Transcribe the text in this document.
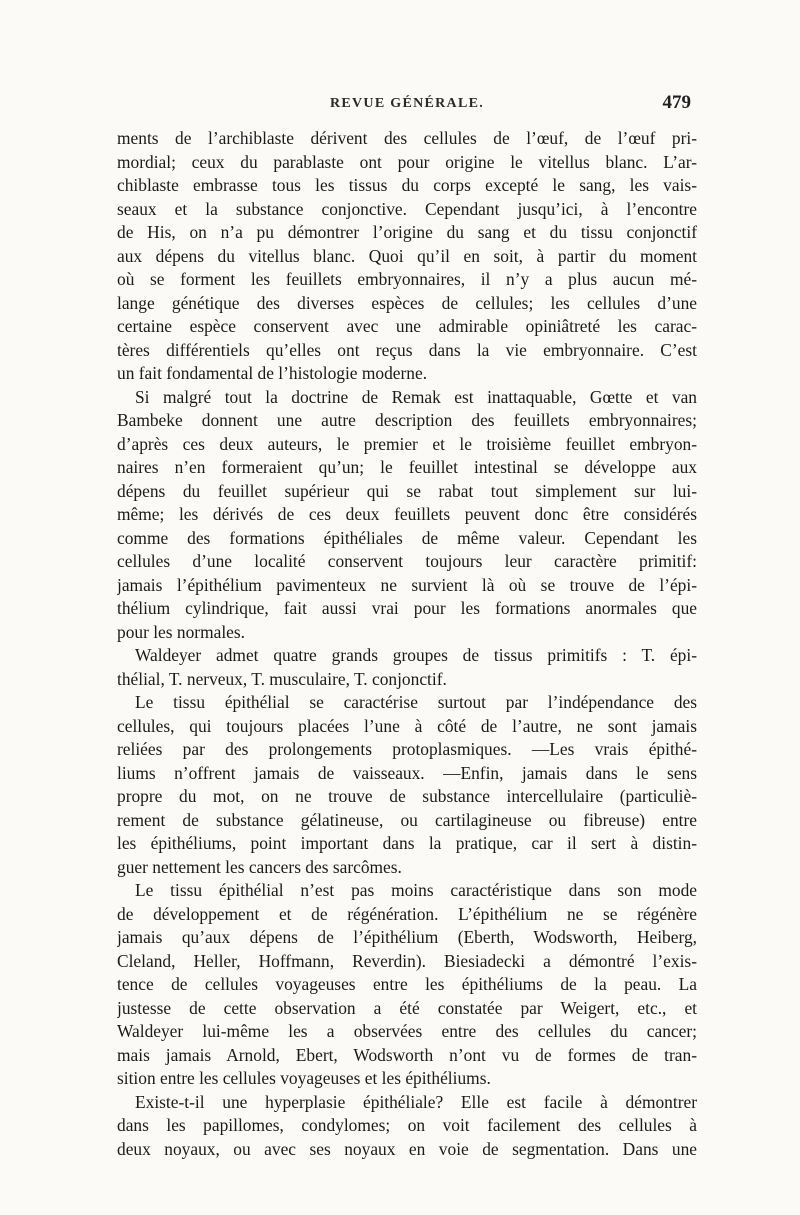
REVUE GÉNÉRALE.	479
ments de l’archiblaste dérivent des cellules de l’œuf, de l’œuf pri-
mordial; ceux du parablaste ont pour origine le vitellus blanc. L’ar-
chiblaste embrasse tous les tissus du corps excepté le sang, les vais-
seaux et la substance conjonctive. Cependant jusqu’ici, à l’encontre
de His, on n’a pu démontrer l’origine du sang et du tissu conjonctif
aux dépens du vitellus blanc. Quoi qu’il en soit, à partir du moment
où se forment les feuillets embryonnaires, il n’y a plus aucun mé-
lange génétique des diverses espèces de cellules; les cellules d’une
certaine espèce conservent avec une admirable opiniâtreté les carac-
tères différentiels qu’elles ont reçus dans la vie embryonnaire. C’est
un fait fondamental de l’histologie moderne.
Si malgré tout la doctrine de Remak est inattaquable, Gœtte et van
Bambeke donnent une autre description des feuillets embryonnaires;
d’après ces deux auteurs, le premier et le troisième feuillet embryon-
naires n’en formeraient qu’un; le feuillet intestinal se développe aux
dépens du feuillet supérieur qui se rabat tout simplement sur lui-
même; les dérivés de ces deux feuillets peuvent donc être considérés
comme des formations épithéliales de même valeur. Cependant les
cellules d’une localité conservent toujours leur caractère primitif:
jamais l’épithélium pavimenteux ne survient là où se trouve de l’épi-
thélium cylindrique, fait aussi vrai pour les formations anormales que
pour les normales.
Waldeyer admet quatre grands groupes de tissus primitifs : T. épi-
thélial, T. nerveux, T. musculaire, T. conjonctif.
Le tissu épithélial se caractérise surtout par l’indépendance des
cellules, qui toujours placées l’une à côté de l’autre, ne sont jamais
reliées par des prolongements protoplasmiques. —Les vrais épithé-
liums n’offrent jamais de vaisseaux. —Enfin, jamais dans le sens
propre du mot, on ne trouve de substance intercellulaire (particuliè-
rement de substance gélatineuse, ou cartilagineuse ou fibreuse) entre
les épithéliums, point important dans la pratique, car il sert à distin-
guer nettement les cancers des sarcômes.
Le tissu épithélial n’est pas moins caractéristique dans son mode
de développement et de régénération. L’épithélium ne se régénère
jamais qu’aux dépens de l’épithélium (Eberth, Wodsworth, Heiberg,
Cleland, Heller, Hoffmann, Reverdin). Biesiadecki a démontré l’exis-
tence de cellules voyageuses entre les épithéliums de la peau. La
justesse de cette observation a été constatée par Weigert, etc., et
Waldeyer lui-même les a observées entre des cellules du cancer;
mais jamais Arnold, Ebert, Wodsworth n’ont vu de formes de tran-
sition entre les cellules voyageuses et les épithéliums.
Existe-t-il une hyperplasie épithéliale? Elle est facile à démontrer
dans les papillomes, condylomes; on voit facilement des cellules à
deux noyaux, ou avec ses noyaux en voie de segmentation. Dans une
